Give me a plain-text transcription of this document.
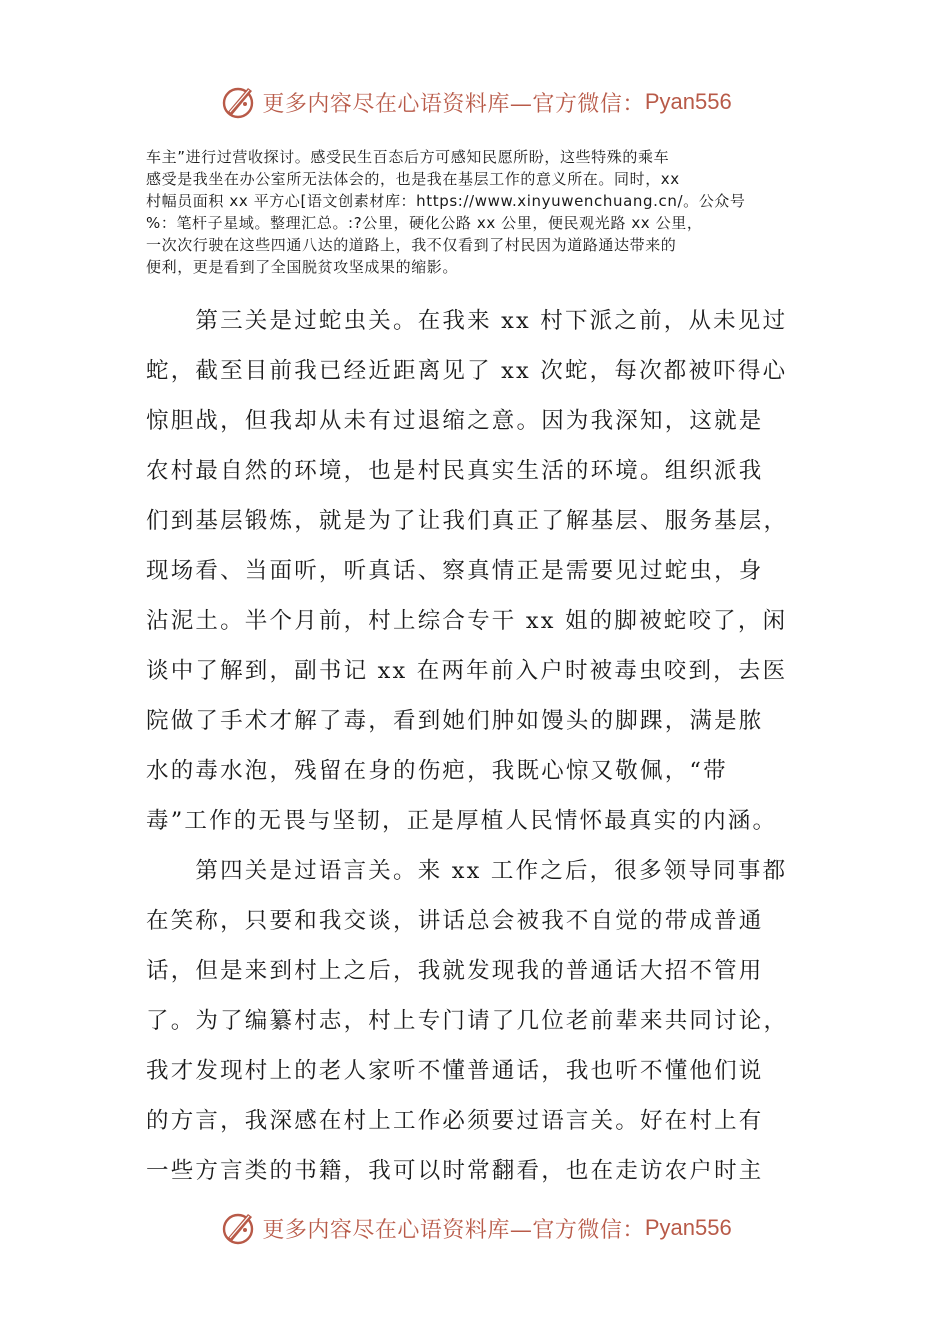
更多内容尽在心语资料库—官方微信： Pyan556

车主”进行过营收探讨。感受民生百态后方可感知民愿所盼，这些特殊的乘车

感受是我坐在办公室所无法体会的，也是我在基层工作的意义所在。同时，xx

村幅员面积 xx 平方心[语文创素材库：https://www.xinyuwenchuang.cn/。公众号

%：笔杆子星域。整理汇总。:?公里，硬化公路 xx 公里，便民观光路 xx 公里，

一次次行驶在这些四通八达的道路上，我不仅看到了村民因为道路通达带来的

便利，更是看到了全国脱贫攻坚成果的缩影。

　　第三关是过蛇虫关。在我来 xx 村下派之前，从未见过

蛇，截至目前我已经近距离见了 xx 次蛇，每次都被吓得心

惊胆战，但我却从未有过退缩之意。因为我深知，这就是

农村最自然的环境，也是村民真实生活的环境。组织派我

们到基层锻炼，就是为了让我们真正了解基层、服务基层，

现场看、当面听，听真话、察真情正是需要见过蛇虫，身

沾泥土。半个月前，村上综合专干 xx 姐的脚被蛇咬了，闲

谈中了解到，副书记 xx 在两年前入户时被毒虫咬到，去医

院做了手术才解了毒，看到她们肿如馒头的脚踝，满是脓

水的毒水泡，残留在身的伤疤，我既心惊又敬佩，“带

毒”工作的无畏与坚韧，正是厚植人民情怀最真实的内涵。

　　第四关是过语言关。来 xx 工作之后，很多领导同事都

在笑称，只要和我交谈，讲话总会被我不自觉的带成普通

话，但是来到村上之后，我就发现我的普通话大招不管用

了。为了编纂村志，村上专门请了几位老前辈来共同讨论，

我才发现村上的老人家听不懂普通话，我也听不懂他们说

的方言，我深感在村上工作必须要过语言关。好在村上有

一些方言类的书籍，我可以时常翻看，也在走访农户时主

更多内容尽在心语资料库—官方微信： Pyan556
